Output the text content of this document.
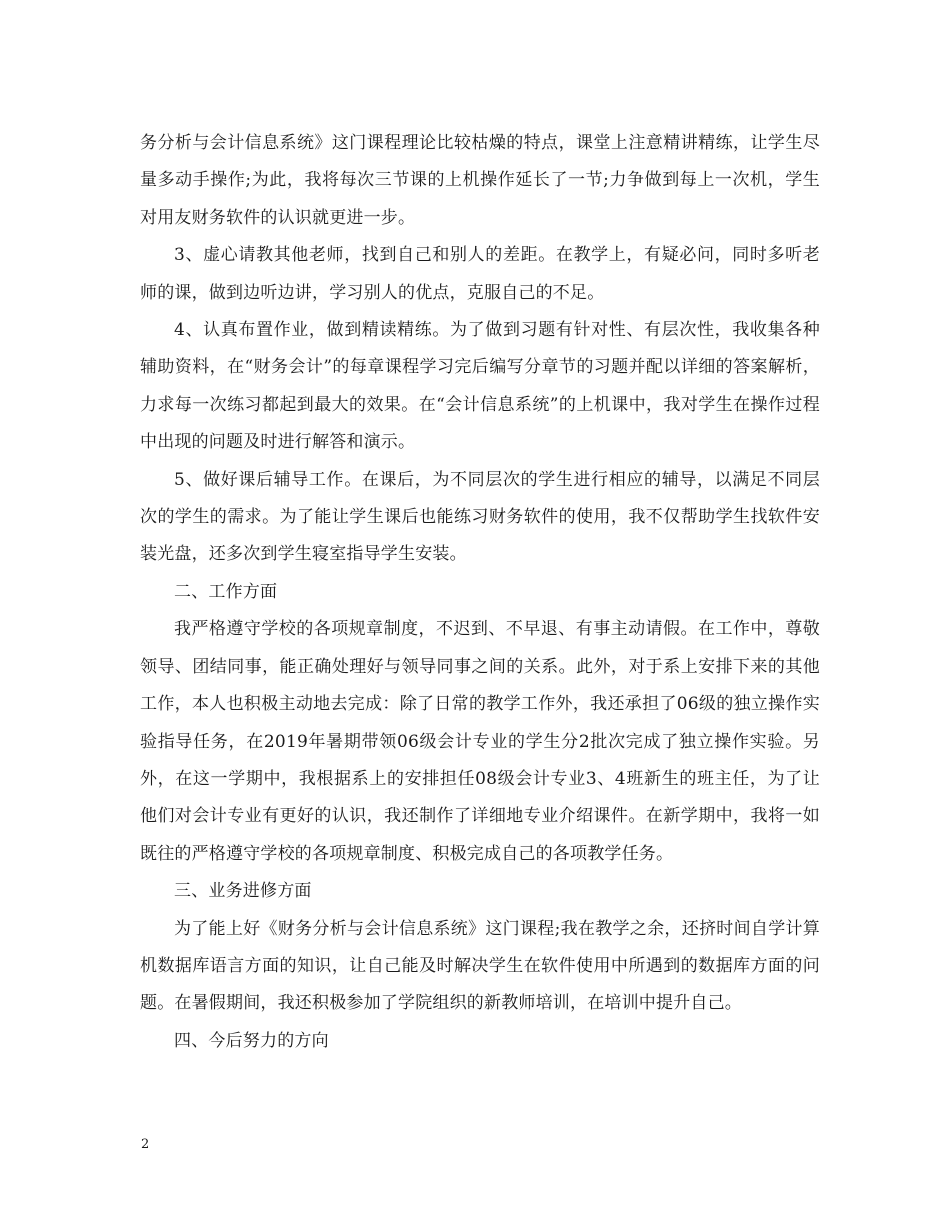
务分析与会计信息系统》这门课程理论比较枯燥的特点，课堂上注意精讲精练，让学生尽量多动手操作;为此，我将每次三节课的上机操作延长了一节;力争做到每上一次机，学生对用友财务软件的认识就更进一步。

3、虚心请教其他老师，找到自己和别人的差距。在教学上，有疑必问，同时多听老师的课，做到边听边讲，学习别人的优点，克服自己的不足。

4、认真布置作业，做到精读精练。为了做到习题有针对性、有层次性，我收集各种辅助资料，在“财务会计”的每章课程学习完后编写分章节的习题并配以详细的答案解析，力求每一次练习都起到最大的效果。在“会计信息系统”的上机课中，我对学生在操作过程中出现的问题及时进行解答和演示。

5、做好课后辅导工作。在课后，为不同层次的学生进行相应的辅导，以满足不同层次的学生的需求。为了能让学生课后也能练习财务软件的使用，我不仅帮助学生找软件安装光盘，还多次到学生寝室指导学生安装。

二、工作方面

我严格遵守学校的各项规章制度，不迟到、不早退、有事主动请假。在工作中，尊敬领导、团结同事，能正确处理好与领导同事之间的关系。此外，对于系上安排下来的其他工作，本人也积极主动地去完成：除了日常的教学工作外，我还承担了06级的独立操作实验指导任务，在2019年暑期带领06级会计专业的学生分2批次完成了独立操作实验。另外，在这一学期中，我根据系上的安排担任08级会计专业3、4班新生的班主任，为了让他们对会计专业有更好的认识，我还制作了详细地专业介绍课件。在新学期中，我将一如既往的严格遵守学校的各项规章制度、积极完成自己的各项教学任务。

三、业务进修方面

为了能上好《财务分析与会计信息系统》这门课程;我在教学之余，还挤时间自学计算机数据库语言方面的知识，让自己能及时解决学生在软件使用中所遇到的数据库方面的问题。在暑假期间，我还积极参加了学院组织的新教师培训，在培训中提升自己。

四、今后努力的方向

2
